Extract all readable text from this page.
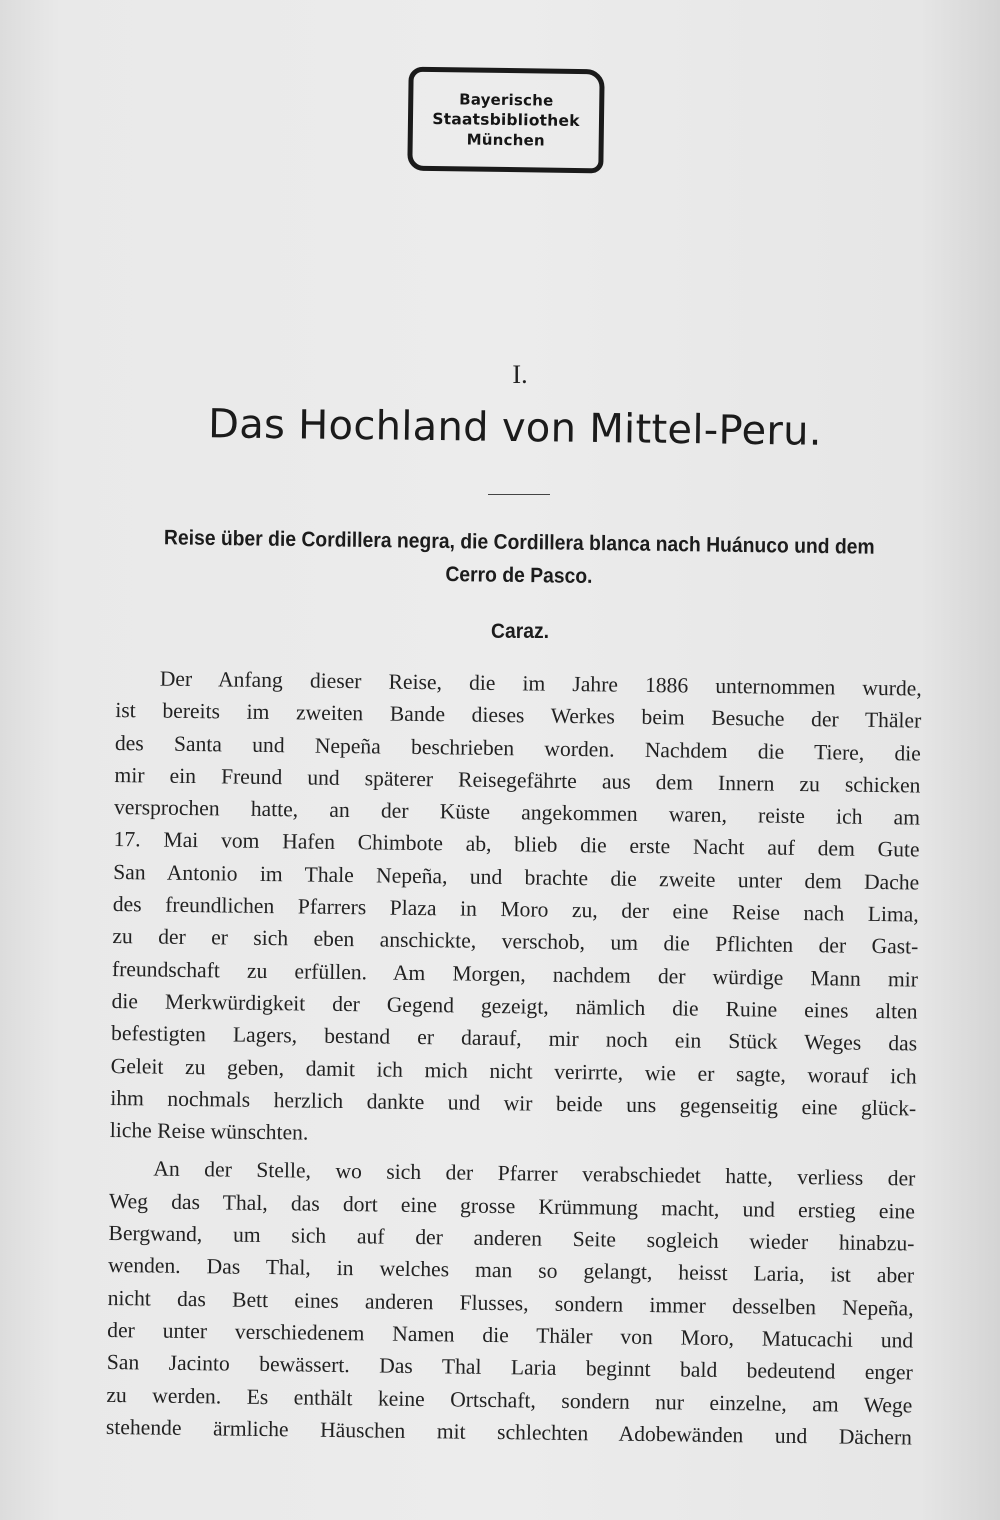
Bayerische
Staatsbibliothek
München
I.
Das Hochland von Mittel-Peru.
Reise über die Cordillera negra, die Cordillera blanca nach Huánuco und dem Cerro de Pasco.
Caraz.
Der Anfang dieser Reise, die im Jahre 1886 unternommen wurde,
ist bereits im zweiten Bande dieses Werkes beim Besuche der Thäler
des Santa und Nepeña beschrieben worden. Nachdem die Tiere, die
mir ein Freund und späterer Reisegefährte aus dem Innern zu schicken
versprochen hatte, an der Küste angekommen waren, reiste ich am
17. Mai vom Hafen Chimbote ab, blieb die erste Nacht auf dem Gute
San Antonio im Thale Nepeña, und brachte die zweite unter dem Dache
des freundlichen Pfarrers Plaza in Moro zu, der eine Reise nach Lima,
zu der er sich eben anschickte, verschob, um die Pflichten der Gast-
freundschaft zu erfüllen. Am Morgen, nachdem der würdige Mann mir
die Merkwürdigkeit der Gegend gezeigt, nämlich die Ruine eines alten
befestigten Lagers, bestand er darauf, mir noch ein Stück Weges das
Geleit zu geben, damit ich mich nicht verirrte, wie er sagte, worauf ich
ihm nochmals herzlich dankte und wir beide uns gegenseitig eine glück-
liche Reise wünschten.
An der Stelle, wo sich der Pfarrer verabschiedet hatte, verliess der
Weg das Thal, das dort eine grosse Krümmung macht, und erstieg eine
Bergwand, um sich auf der anderen Seite sogleich wieder hinabzu-
wenden. Das Thal, in welches man so gelangt, heisst Laria, ist aber
nicht das Bett eines anderen Flusses, sondern immer desselben Nepeña,
der unter verschiedenem Namen die Thäler von Moro, Matucachi und
San Jacinto bewässert. Das Thal Laria beginnt bald bedeutend enger
zu werden. Es enthält keine Ortschaft, sondern nur einzelne, am Wege
stehende ärmliche Häuschen mit schlechten Adobewänden und Dächern
